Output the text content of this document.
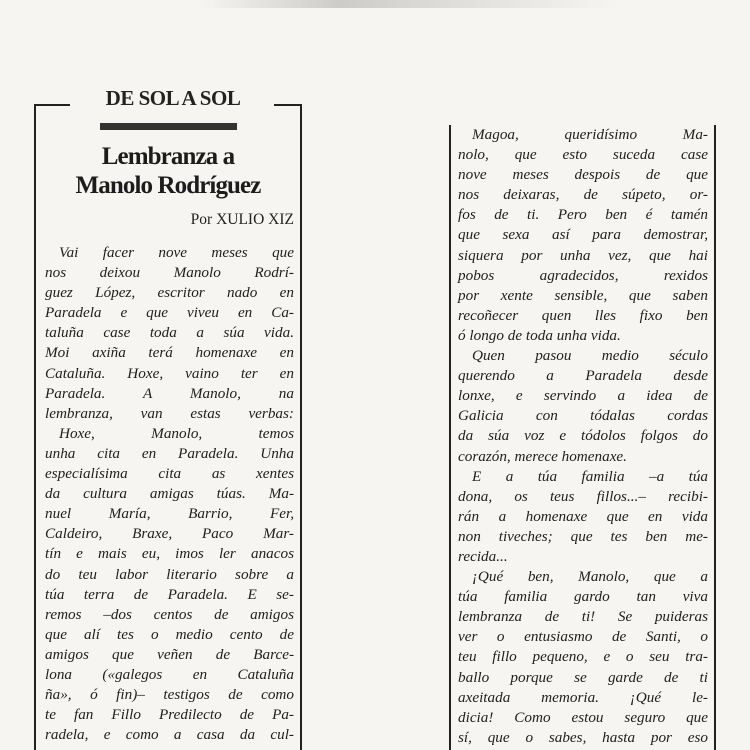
DE SOL A SOL
Lembranza a
Manolo Rodríguez
Por XULIO XIZ
Vai facer nove meses que
nos deixou Manolo Rodrí-
guez López, escritor nado en
Paradela e que viveu en Ca-
taluña case toda a súa vida.
Moi axiña terá homenaxe en
Cataluña. Hoxe, vaino ter en
Paradela. A Manolo, na
lembranza, van estas verbas:
Hoxe, Manolo, temos
unha cita en Paradela. Unha
especialísima cita as xentes
da cultura amigas túas. Ma-
nuel María, Barrio, Fer,
Caldeiro, Braxe, Paco Mar-
tín e mais eu, imos ler anacos
do teu labor literario sobre a
túa terra de Paradela. E se-
remos –dos centos de amigos
que alí tes o medio cento de
amigos que veñen de Barce-
lona («galegos en Cataluña
ña», ó fin)– testigos de como
te fan Fillo Predilecto de Pa-
radela, e como a casa da cul-
Magoa, queridísimo Ma-
nolo, que esto suceda case
nove meses despois de que
nos deixaras, de súpeto, or-
fos de ti. Pero ben é tamén
que sexa así para demostrar,
siquera por unha vez, que hai
pobos agradecidos, rexidos
por xente sensible, que saben
recoñecer quen lles fixo ben
ó longo de toda unha vida.
Quen pasou medio século
querendo a Paradela desde
lonxe, e servindo a idea de
Galicia con tódalas cordas
da súa voz e tódolos folgos do
corazón, merece homenaxe.
E a túa familia –a túa
dona, os teus fillos...– recibi-
rán a homenaxe que en vida
non tiveches; que tes ben me-
recida...
¡Qué ben, Manolo, que a
túa familia gardo tan viva
lembranza de ti! Se puideras
ver o entusiasmo de Santi, o
teu fillo pequeno, e o seu tra-
ballo porque se garde de ti
axeitada memoria. ¡Qué le-
dicia! Como estou seguro que
sí, que o sabes, hasta por eso
